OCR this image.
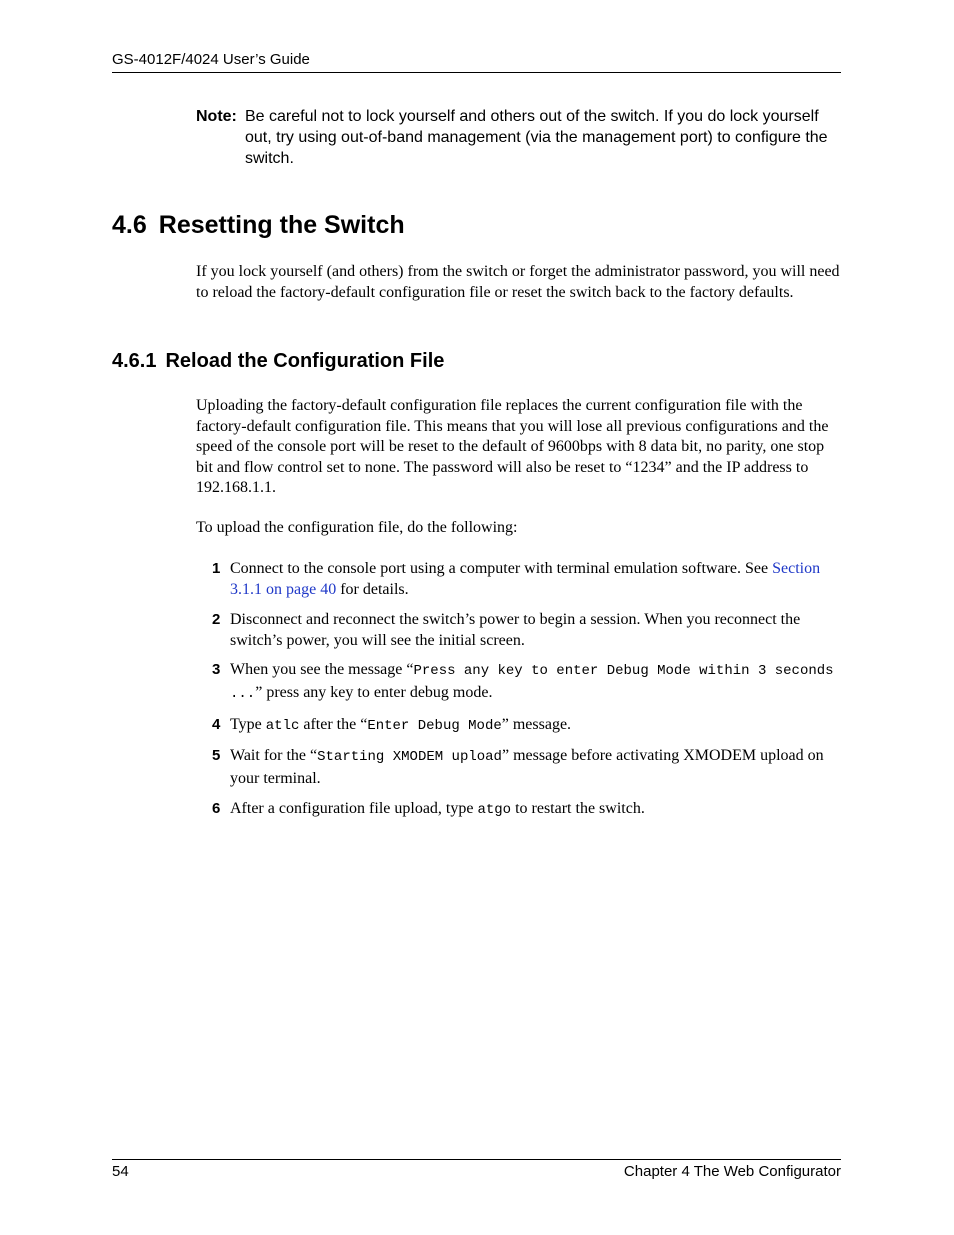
GS-4012F/4024 User’s Guide
Note: Be careful not to lock yourself and others out of the switch. If you do lock yourself out, try using out-of-band management (via the management port) to configure the switch.
4.6 Resetting the Switch

If you lock yourself (and others) from the switch or forget the administrator password, you will need to reload the factory-default configuration file or reset the switch back to the factory defaults.

4.6.1 Reload the Configuration File

Uploading the factory-default configuration file replaces the current configuration file with the factory-default configuration file. This means that you will lose all previous configurations and the speed of the console port will be reset to the default of 9600bps with 8 data bit, no parity, one stop bit and flow control set to none. The password will also be reset to “1234” and the IP address to 192.168.1.1.

To upload the configuration file, do the following:

1 Connect to the console port using a computer with terminal emulation software. See Section 3.1.1 on page 40 for details.
2 Disconnect and reconnect the switch’s power to begin a session. When you reconnect the switch’s power, you will see the initial screen.
3 When you see the message “Press any key to enter Debug Mode within 3 seconds ...” press any key to enter debug mode.
4 Type atlc after the “Enter Debug Mode” message.
5 Wait for the “Starting XMODEM upload” message before activating XMODEM upload on your terminal.
6 After a configuration file upload, type atgo to restart the switch.
54	Chapter 4 The Web Configurator
